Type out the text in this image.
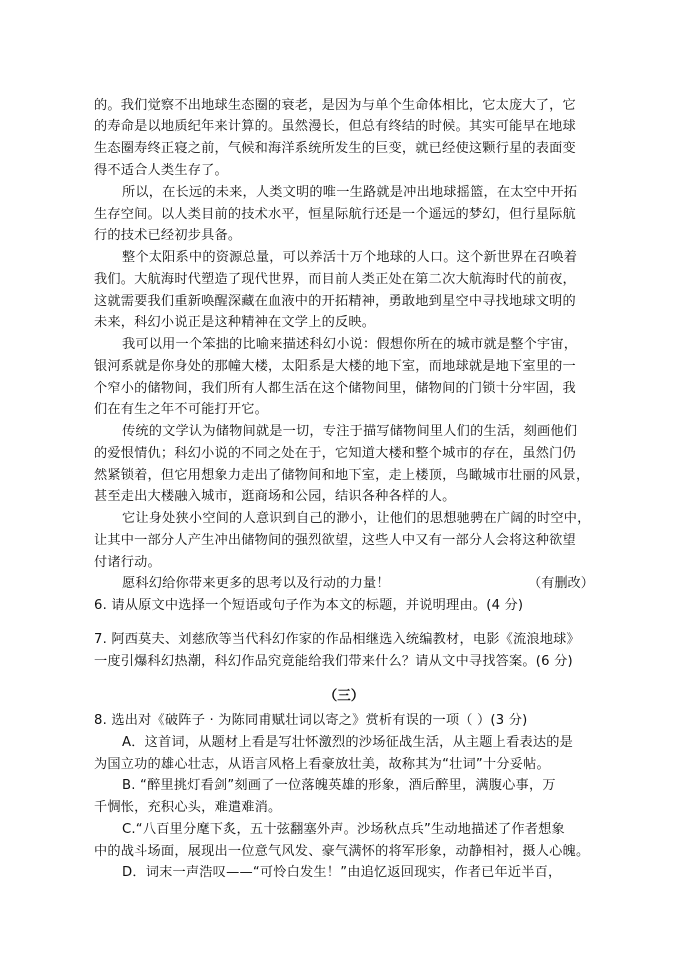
的。我们觉察不出地球生态圈的衰老，是因为与单个生命体相比，它太庞大了，它
的寿命是以地质纪年来计算的。虽然漫长，但总有终结的时候。其实可能早在地球
生态圈寿终正寝之前，气候和海洋系统所发生的巨变，就已经使这颗行星的表面变
得不适合人类生存了。
所以，在长远的未来，人类文明的唯一生路就是冲出地球摇篮，在太空中开拓
生存空间。以人类目前的技术水平，恒星际航行还是一个遥远的梦幻，但行星际航
行的技术已经初步具备。
整个太阳系中的资源总量，可以养活十万个地球的人口。这个新世界在召唤着
我们。大航海时代塑造了现代世界，而目前人类正处在第二次大航海时代的前夜，
这就需要我们重新唤醒深藏在血液中的开拓精神，勇敢地到星空中寻找地球文明的
未来，科幻小说正是这种精神在文学上的反映。
我可以用一个笨拙的比喻来描述科幻小说：假想你所在的城市就是整个宇宙，
银河系就是你身处的那幢大楼，太阳系是大楼的地下室，而地球就是地下室里的一
个窄小的储物间，我们所有人都生活在这个储物间里，储物间的门锁十分牢固，我
们在有生之年不可能打开它。
传统的文学认为储物间就是一切，专注于描写储物间里人们的生活，刻画他们
的爱恨情仇；科幻小说的不同之处在于，它知道大楼和整个城市的存在，虽然门仍
然紧锁着，但它用想象力走出了储物间和地下室，走上楼顶，鸟瞰城市壮丽的风景，
甚至走出大楼融入城市，逛商场和公园，结识各种各样的人。
它让身处狭小空间的人意识到自己的渺小，让他们的思想驰骋在广阔的时空中，
让其中一部分人产生冲出储物间的强烈欲望，这些人中又有一部分人会将这种欲望
付诸行动。
愿科幻给你带来更多的思考以及行动的力量！	（有删改）
6. 请从原文中选择一个短语或句子作为本文的标题，并说明理由。(4 分)
7. 阿西莫夫、刘慈欣等当代科幻作家的作品相继选入统编教材，电影《流浪地球》
一度引爆科幻热潮，科幻作品究竟能给我们带来什么？请从文中寻找答案。(6 分)
（三）
8. 选出对《破阵子 · 为陈同甫赋壮词以寄之》赏析有误的一项（ ）(3 分)
A．这首词，从题材上看是写壮怀激烈的沙场征战生活，从主题上看表达的是
为国立功的雄心壮志，从语言风格上看豪放壮美，故称其为“壮词”十分妥帖。
B. “醉里挑灯看剑”刻画了一位落魄英雄的形象，酒后醉里，满腹心事，万
千惆怅，充积心头，难遣难消。
C.“八百里分麾下炙，五十弦翻塞外声。沙场秋点兵”生动地描述了作者想象
中的战斗场面，展现出一位意气风发、豪气满怀的将军形象，动静相衬，摄人心魄。
D．词末一声浩叹——“可怜白发生！”由追忆返回现实，作者已年近半百，
